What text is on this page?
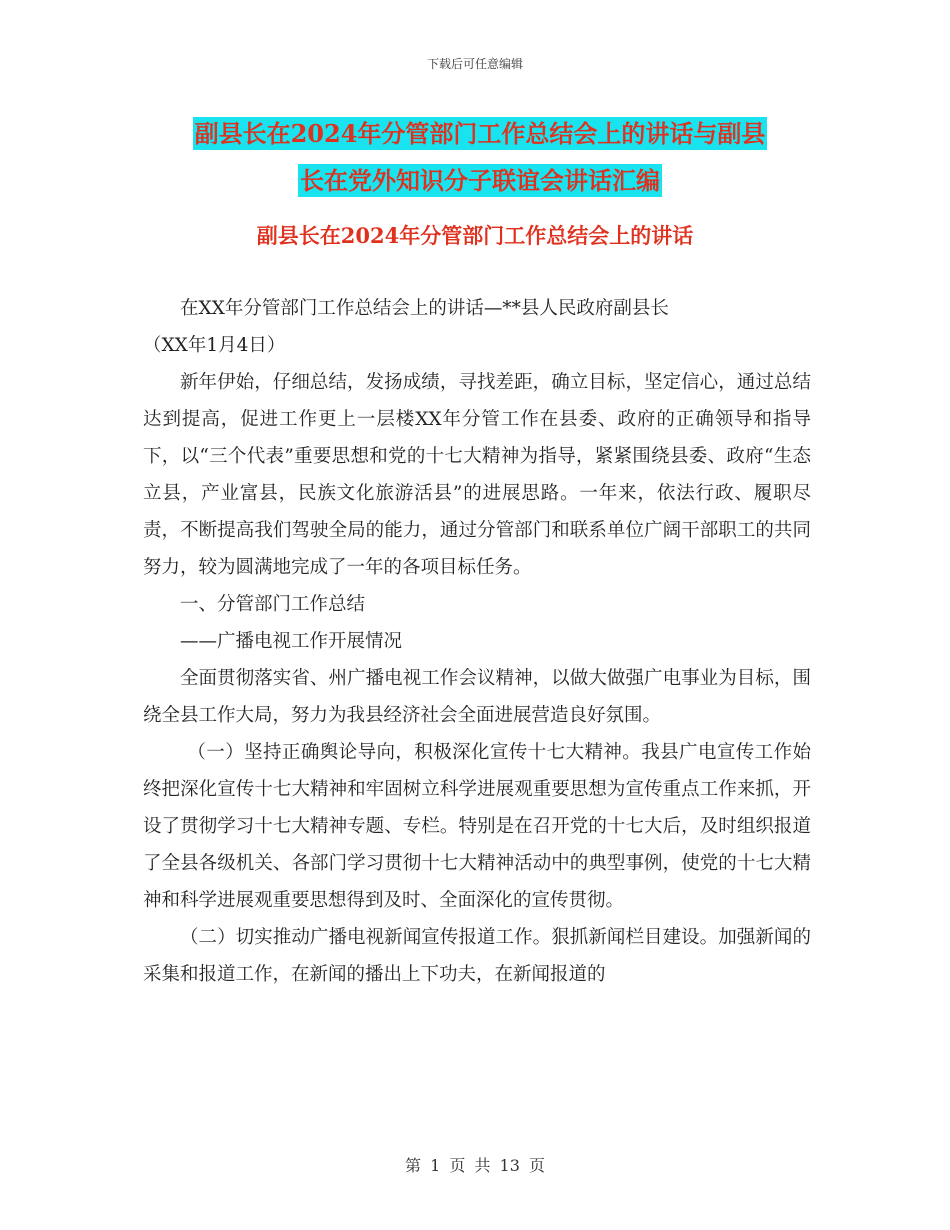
下载后可任意编辑
副县长在2024年分管部门工作总结会上的讲话与副县
长在党外知识分子联谊会讲话汇编
副县长在2024年分管部门工作总结会上的讲话

在XX年分管部门工作总结会上的讲话—**县人民政府副县长

（XX年1月4日）

新年伊始，仔细总结，发扬成绩，寻找差距，确立目标，坚定信心，通过总结达到提高，促进工作更上一层楼XX年分管工作在县委、政府的正确领导和指导下，以“三个代表”重要思想和党的十七大精神为指导，紧紧围绕县委、政府“生态立县，产业富县，民族文化旅游活县”的进展思路。一年来，依法行政、履职尽责，不断提高我们驾驶全局的能力，通过分管部门和联系单位广阔干部职工的共同努力，较为圆满地完成了一年的各项目标任务。

一、分管部门工作总结

——广播电视工作开展情况

全面贯彻落实省、州广播电视工作会议精神，以做大做强广电事业为目标，围绕全县工作大局，努力为我县经济社会全面进展营造良好氛围。

（一）坚持正确舆论导向，积极深化宣传十七大精神。我县广电宣传工作始终把深化宣传十七大精神和牢固树立科学进展观重要思想为宣传重点工作来抓，开设了贯彻学习十七大精神专题、专栏。特别是在召开党的十七大后，及时组织报道了全县各级机关、各部门学习贯彻十七大精神活动中的典型事例，使党的十七大精神和科学进展观重要思想得到及时、全面深化的宣传贯彻。

（二）切实推动广播电视新闻宣传报道工作。狠抓新闻栏目建设。加强新闻的采集和报道工作，在新闻的播出上下功夫，在新闻报道的

第 1 页 共 13 页
